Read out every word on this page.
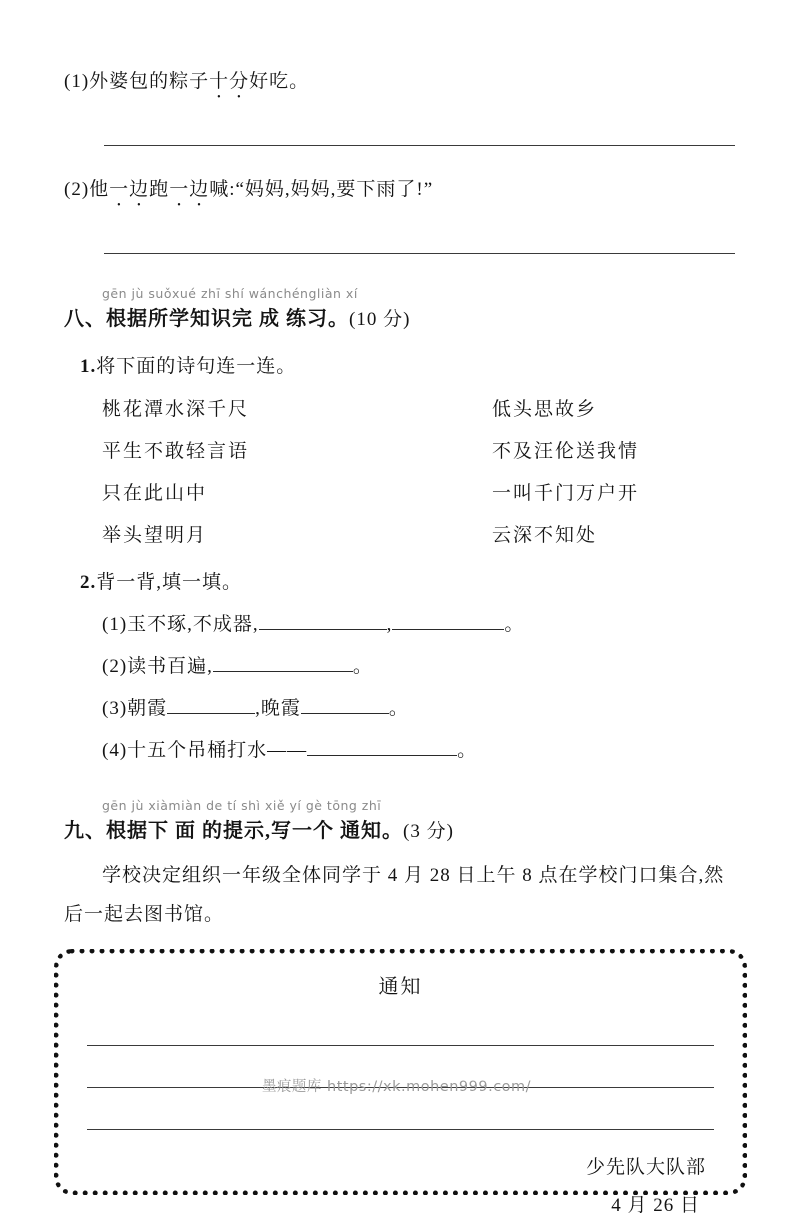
(1)外婆包的粽子十分好吃。

(2)他一边跑一边喊:“妈妈,妈妈,要下雨了!”

gēn jù suǒxué zhī shí wánchéngliàn xí
八、根据所学知识完 成 练习。(10 分)

1.将下面的诗句连一连。

桃花潭水深千尺	低头思故乡
平生不敢轻言语	不及汪伦送我情
只在此山中	一叫千门万户开
举头望明月	云深不知处

2.背一背,填一填。

(1)玉不琢,不成器,	,	。

(2)读书百遍,	。

(3)朝霞	,晚霞	。

(4)十五个吊桶打水——	。

gēn jù xiàmiàn de tí shì xiě yí gè tōng zhī
九、根据下 面 的提示,写一个 通知。(3 分)

学校决定组织一年级全体同学于 4 月 28 日上午 8 点在学校门口集合,然后一起去图书馆。

通知
少先队大队部
4 月 26 日
墨痕题库 https://xk.mohen999.com/
